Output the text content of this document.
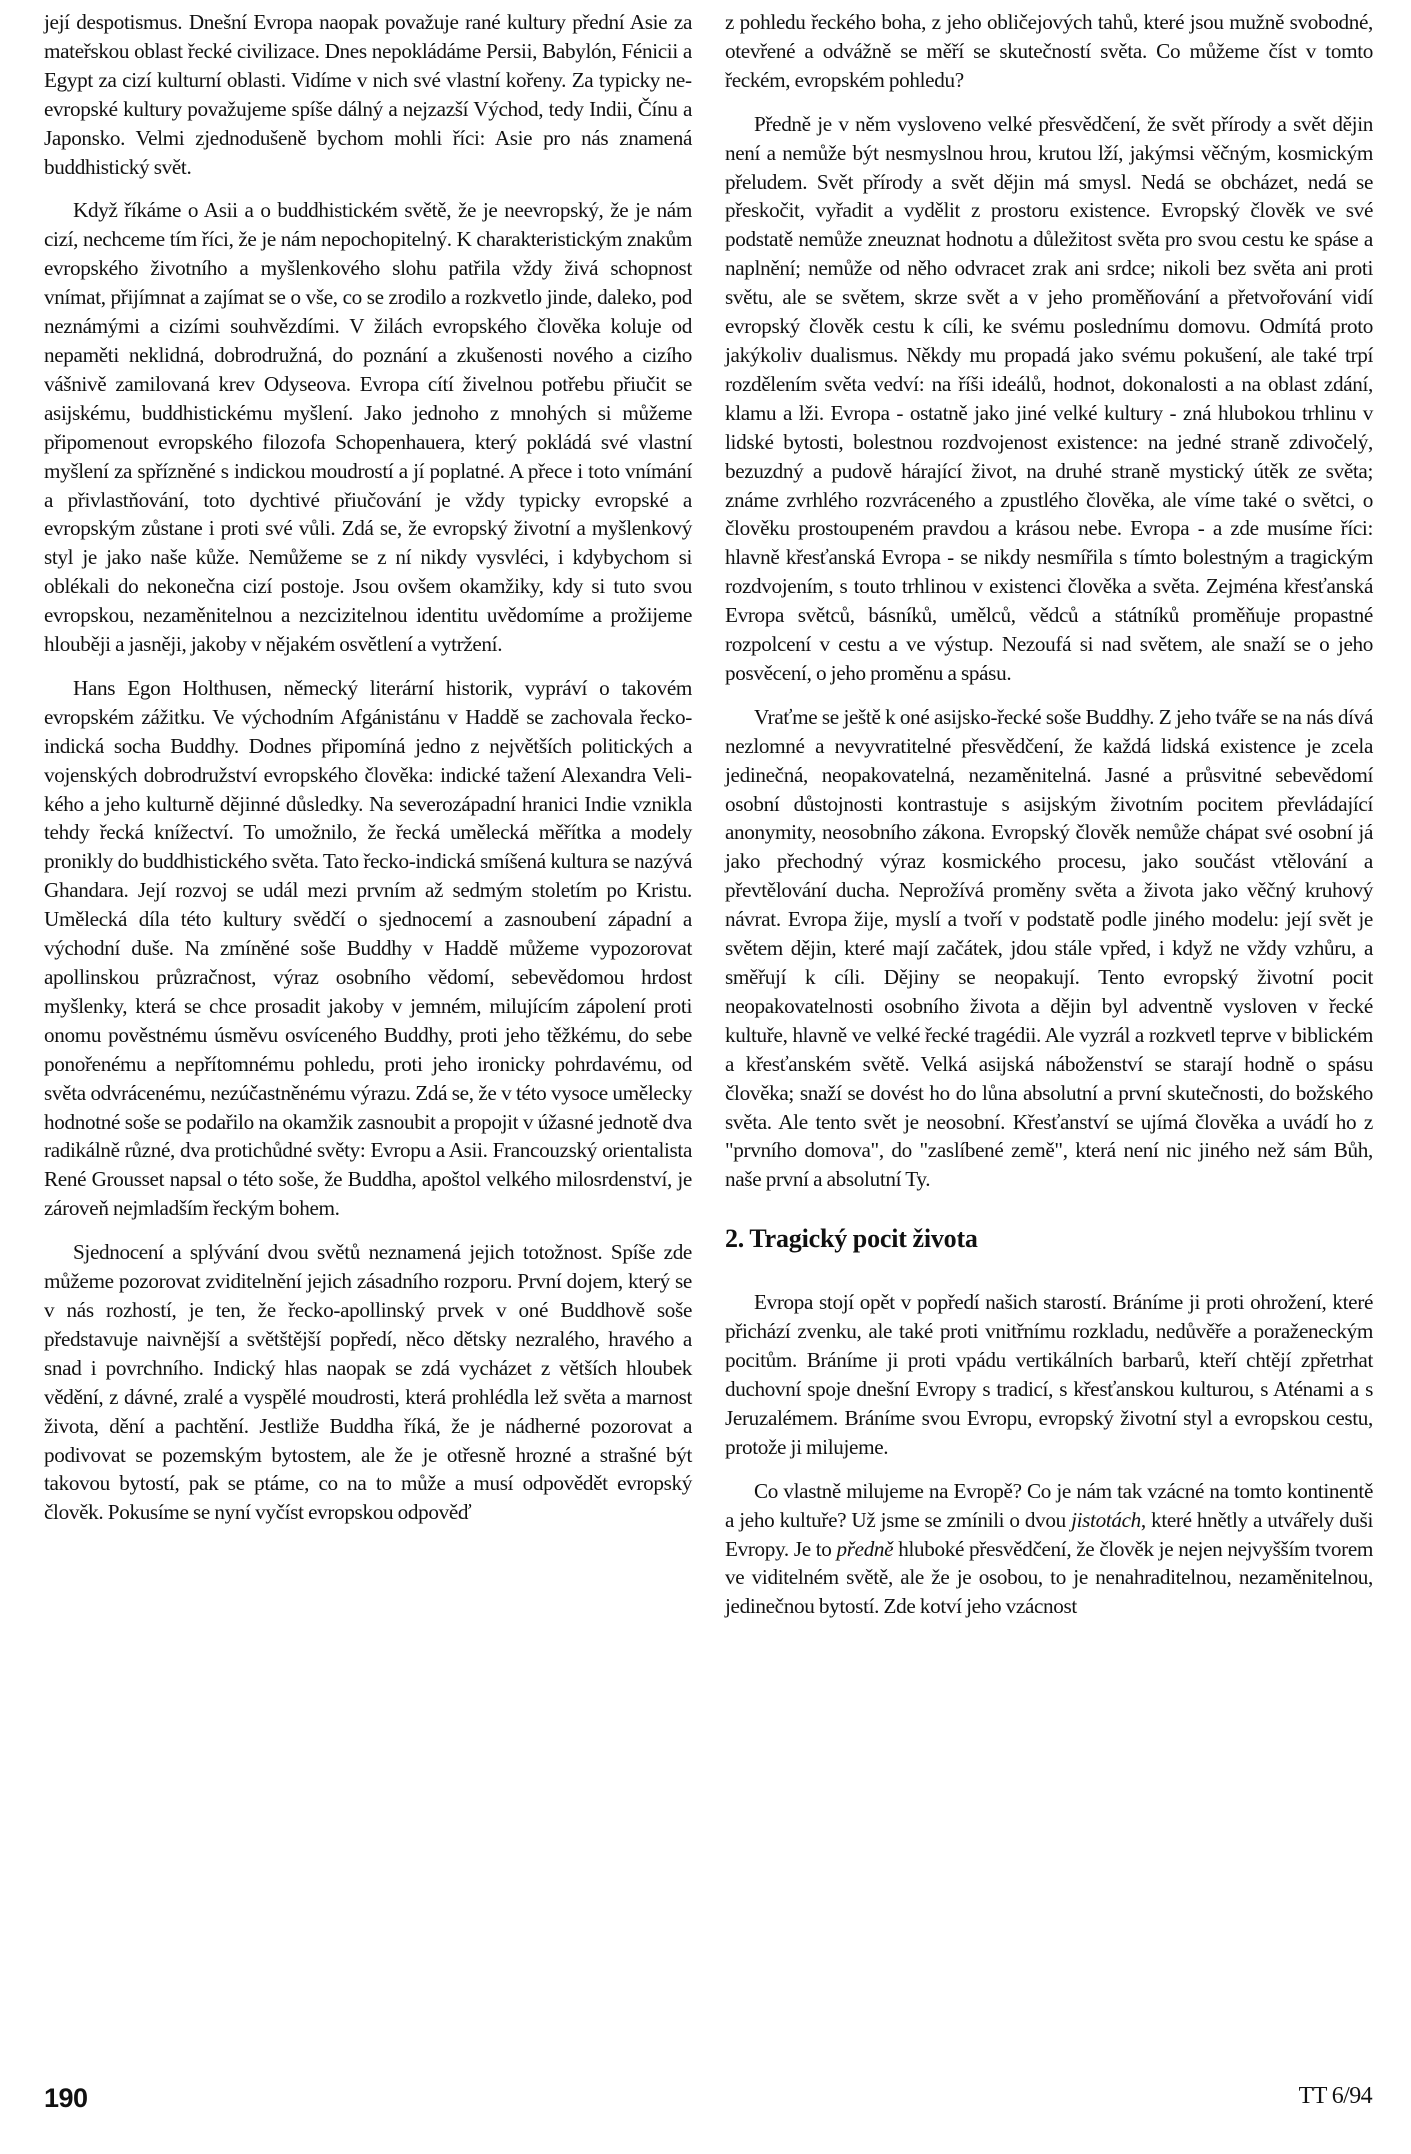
její despotismus. Dnešní Evropa naopak považuje rané kultury přední Asie za mateřskou oblast řecké civilizace. Dnes nepokládáme Persii, Babylón, Fénicii a Egypt za cizí kulturní oblasti. Vidíme v nich své vlastní kořeny. Za typicky neevropské kultury považujeme spíše dálný a nejzazší Východ, tedy Indii, Čínu a Japonsko. Velmi zjednodušeně bychom mohli říci: Asie pro nás znamená buddhistický svět.

Když říkáme o Asii a o buddhistickém světě, že je neevropský, že je nám cizí, nechceme tím říci, že je nám nepochopitelný. K charakteristickým znakům evropského životního a myšlenkového slohu patřila vždy živá schopnost vnímat, přijímnat a zajímat se o vše, co se zrodilo a rozkvetlo jinde, daleko, pod neznámými a cizími souhvězdími. V žilách evropského člověka koluje od nepaměti neklidná, dobrodružná, do poznání a zkušenosti nového a cizího vášnivě zamilovaná krev Odyseova. Evropa cítí živelnou potřebu přiučit se asijskému, buddhistickému myšlení. Jako jednoho z mnohých si můžeme připomenout evropského filozofa Schopenhauera, který pokládá své vlastní myšlení za spřízněné s indickou moudrostí a jí poplatné. A přece i toto vnímání a přivlastňování, toto dychtivé přiučování je vždy typicky evropské a evropským zůstane i proti své vůli. Zdá se, že evropský životní a myšlenkový styl je jako naše kůže. Nemůžeme se z ní nikdy vysvléci, i kdybychom si oblékali do nekonečna cizí postoje. Jsou ovšem okamžiky, kdy si tuto svou evropskou, nezaměnitelnou a nezcizitelnou identitu uvědomíme a prožijeme hlouběji a jasněji, jakoby v nějakém osvětlení a vytržení.

Hans Egon Holthusen, německý literární historik, vypráví o takovém evropském zážitku. Ve východním Afgánistánu v Haddě se zachovala řecko-indická socha Buddhy. Dodnes připomíná jedno z největších politických a vojenských dobrodružství evropského člověka: indické tažení Alexandra Velikého a jeho kulturně dějinné důsledky. Na severozápadní hranici Indie vznikla tehdy řecká knížectví. To umožnilo, že řecká umělecká měřítka a modely pronikly do buddhistického světa. Tato řecko-indická smíšená kultura se nazývá Ghandara. Její rozvoj se udál mezi prvním až sedmým stoletím po Kristu. Umělecká díla této kultury svědčí o sjednocemí a zasnoubení západní a východní duše. Na zmíněné soše Buddhy v Haddě můžeme vypozorovat apollinskou průzračnost, výraz osobního vědomí, sebevědomou hrdost myšlenky, která se chce prosadit jakoby v jemném, milujícím zápolení proti onomu pověstnému úsměvu osvíceného Buddhy, proti jeho těžkému, do sebe ponořenému a nepřítomnému pohledu, proti jeho ironicky pohrdavému, od světa odvrácenému, nezúčastněnému výrazu. Zdá se, že v této vysoce umělecky hodnotné soše se podařilo na okamžik zasnoubit a propojit v úžasné jednotě dva radikálně různé, dva protichůdné světy: Evropu a Asii. Francouzský orientalista René Grousset napsal o této soše, že Buddha, apoštol velkého milosrdenství, je zároveň nejmladším řeckým bohem.

Sjednocení a splývání dvou světů neznamená jejich totožnost. Spíše zde můžeme pozorovat zviditelnění jejich zásadního rozporu. První dojem, který se v nás rozhostí, je ten, že řecko-apollinský prvek v oné Buddhově soše představuje naivnější a světštější popředí, něco dětsky nezralého, hravého a snad i povrchního. Indický hlas naopak se zdá vycházet z větších hloubek vědění, z dávné, zralé a vyspělé moudrosti, která prohlédla lež světa a marnost života, dění a pachtění. Jestliže Buddha říká, že je nádherné pozorovat a podivovat se pozemským bytostem, ale že je otřesně hrozné a strašné být takovou bytostí, pak se ptáme, co na to může a musí odpovědět evropský člověk. Pokusíme se nyní vyčíst evropskou odpověď

z pohledu řeckého boha, z jeho obličejových tahů, které jsou mužně svobodné, otevřené a odvážně se měří se skutečností světa. Co můžeme číst v tomto řeckém, evropském pohledu?

Předně je v něm vysloveno velké přesvědčení, že svět přírody a svět dějin není a nemůže být nesmyslnou hrou, krutou lží, jakýmsi věčným, kosmickým přeludem. Svět přírody a svět dějin má smysl. Nedá se obcházet, nedá se přeskočit, vyřadit a vydělit z prostoru existence. Evropský člověk ve své podstatě nemůže zneuznat hodnotu a důležitost světa pro svou cestu ke spáse a naplnění; nemůže od něho odvracet zrak ani srdce; nikoli bez světa ani proti světu, ale se světem, skrze svět a v jeho proměňování a přetvořování vidí evropský člověk cestu k cíli, ke svému poslednímu domovu. Odmítá proto jakýkoliv dualismus. Někdy mu propadá jako svému pokušení, ale také trpí rozdělením světa vedví: na říši ideálů, hodnot, dokonalosti a na oblast zdání, klamu a lži. Evropa - ostatně jako jiné velké kultury - zná hlubokou trhlinu v lidské bytosti, bolestnou rozdvojenost existence: na jedné straně zdivočelý, bezuzdný a pudově hárající život, na druhé straně mystický útěk ze světa; známe zvrhlého rozvráceného a zpustlého člověka, ale víme také o světci, o člověku prostoupeném pravdou a krásou nebe. Evropa - a zde musíme říci: hlavně křesťanská Evropa - se nikdy nesmířila s tímto bolestným a tragickým rozdvojením, s touto trhlinou v existenci člověka a světa. Zejména křesťanská Evropa světců, básníků, umělců, vědců a státníků proměňuje propastné rozpolcení v cestu a ve výstup. Nezoufá si nad světem, ale snaží se o jeho posvěcení, o jeho proměnu a spásu.

Vraťme se ještě k oné asijsko-řecké soše Buddhy. Z jeho tváře se na nás dívá nezlomné a nevyvratitelné přesvědčení, že každá lidská existence je zcela jedinečná, neopakovatelná, nezaměnitelná. Jasné a průsvitné sebevědomí osobní důstojnosti kontrastuje s asijským životním pocitem převládající anonymity, neosobního zákona. Evropský člověk nemůže chápat své osobní já jako přechodný výraz kosmického procesu, jako součást vtělování a převtělování ducha. Neprožívá proměny světa a života jako věčný kruhový návrat. Evropa žije, myslí a tvoří v podstatě podle jiného modelu: její svět je světem dějin, které mají začátek, jdou stále vpřed, i když ne vždy vzhůru, a směřují k cíli. Dějiny se neopakují. Tento evropský životní pocit neopakovatelnosti osobního života a dějin byl adventně vysloven v řecké kultuře, hlavně ve velké řecké tragédii. Ale vyzrál a rozkvetl teprve v biblickém a křesťanském světě. Velká asijská náboženství se starají hodně o spásu člověka; snaží se dovést ho do lůna absolutní a první skutečnosti, do božského světa. Ale tento svět je neosobní. Křesťanství se ujímá člověka a uvádí ho z "prvního domova", do "zaslíbené země", která není nic jiného než sám Bůh, naše první a absolutní Ty.

2. Tragický pocit života

Evropa stojí opět v popředí našich starostí. Bráníme ji proti ohrožení, které přichází zvenku, ale také proti vnitřnímu rozkladu, nedůvěře a poraženeckým pocitům. Bráníme ji proti vpádu vertikálních barbarů, kteří chtějí zpřetrhat duchovní spoje dnešní Evropy s tradicí, s křesťanskou kulturou, s Aténami a s Jeruzalémem. Bráníme svou Evropu, evropský životní styl a evropskou cestu, protože ji milujeme.

Co vlastně milujeme na Evropě? Co je nám tak vzácné na tomto kontinentě a jeho kultuře? Už jsme se zmínili o dvou jistotách, které hnětly a utvářely duši Evropy. Je to předně hluboké přesvědčení, že člověk je nejen nejvyšším tvorem ve viditelném světě, ale že je osobou, to je nenahraditelnou, nezaměnitelnou, jedinečnou bytostí. Zde kotví jeho vzácnost

190	TT 6/94
